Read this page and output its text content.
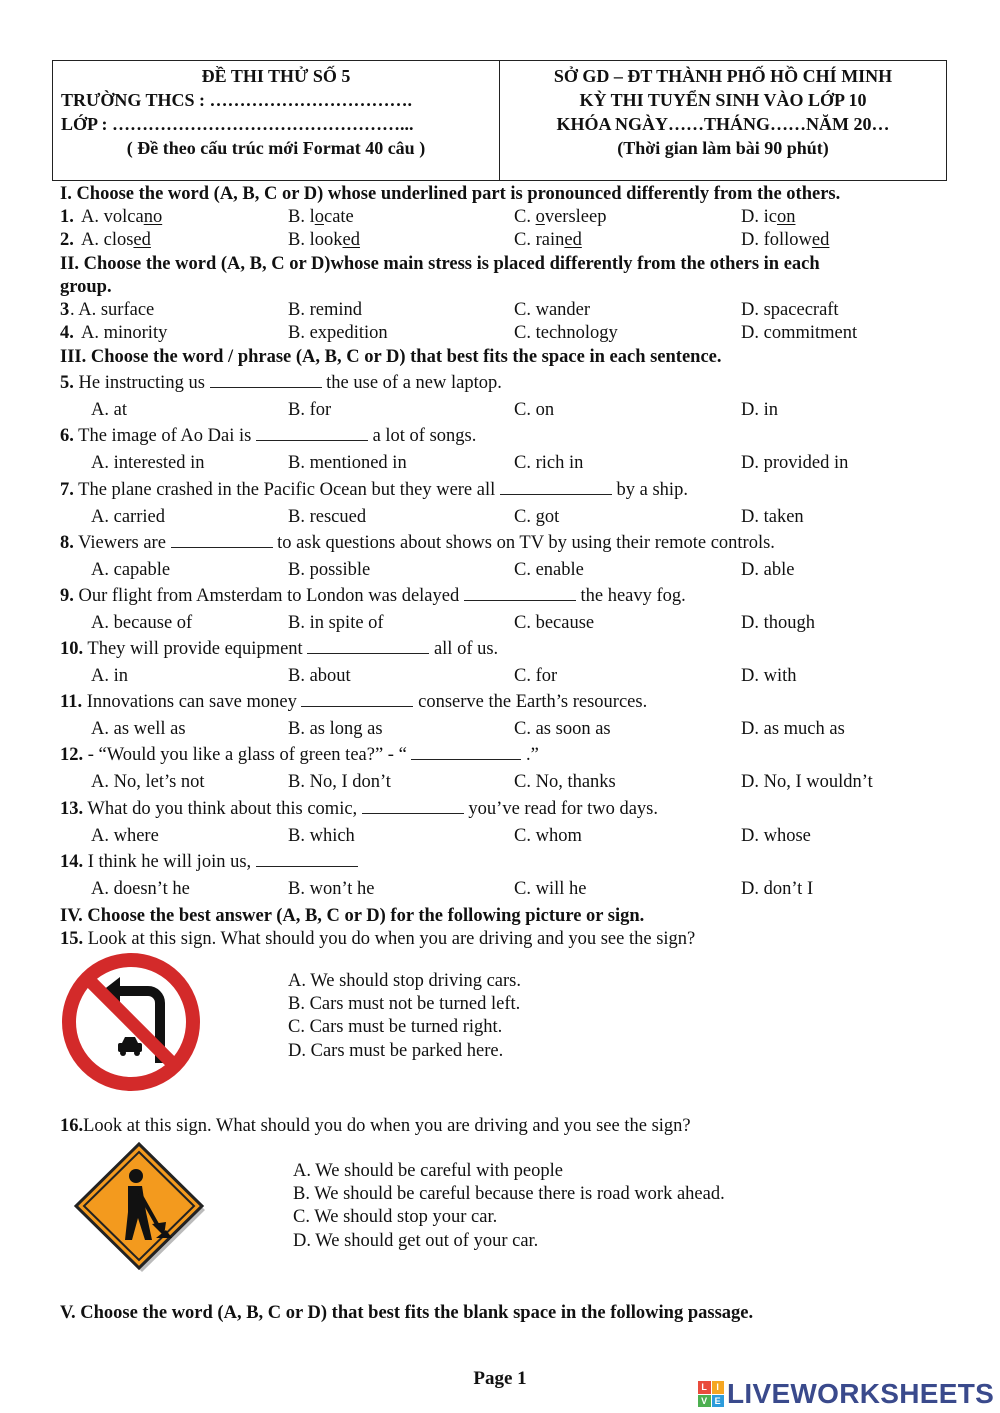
ĐỀ THI THỬ SỐ 5
TRƯỜNG THCS : …………………………….
LỚP : …………………………………………...
( Đề theo cấu trúc mới Format 40 câu )
SỞ GD – ĐT THÀNH PHỐ HỒ CHÍ MINH
KỲ THI TUYỂN SINH VÀO LỚP 10
KHÓA NGÀY……THÁNG……NĂM 20…
(Thời gian làm bài 90 phút)
I. Choose the word (A, B, C or D) whose underlined part is pronounced differently from the others.
1. A. volcano	B. locate	C. oversleep	D. icon
2. A. closed	B. looked	C. rained	D. followed
II. Choose the word (A, B, C or D)whose main stress is placed differently from the others in each
group.
3 . A. surface	B. remind	C. wander	D. spacecraft
4. A. minority	B. expedition	C. technology	D. commitment
III. Choose the word / phrase (A, B, C or D) that best fits the space in each sentence.
5. He instructing us	the use of a new laptop.
A. at	B. for	C. on	D. in
6. The image of Ao Dai is	a lot of songs.
A. interested in	B. mentioned in	C. rich in	D. provided in
7. The plane crashed in the Pacific Ocean but they were all	by a ship.
A. carried	B. rescued	C. got	D. taken
8. Viewers are	to ask questions about shows on TV by using their remote controls.
A. capable	B. possible	C. enable	D. able
9. Our flight from Amsterdam to London was delayed	the heavy fog.
A. because of	B. in spite of	C. because	D. though
10. They will provide equipment	all of us.
A. in	B. about	C. for	D. with
11. Innovations can save money	conserve the Earth’s resources.
A. as well as	B. as long as	C. as soon as	D. as much as
12. - “Would you like a glass of green tea?” - “	.”
A. No, let’s not	B. No, I don’t	C. No, thanks	D. No, I wouldn’t
13. What do you think about this comic,	you’ve read for two days.
A. where	B. which	C. whom	D. whose
14. I think he will join us,
A. doesn’t he	B. won’t he	C. will he	D. don’t I
IV. Choose the best answer (A, B, C or D) for the following picture or sign.
15. Look at this sign. What should you do when you are driving and you see the sign?
A. We should stop driving cars.
B. Cars must not be turned left.
C. Cars must be turned right.
D. Cars must be parked here.
16.Look at this sign. What should you do when you are driving and you see the sign?
A. We should be careful with people
B. We should be careful because there is road work ahead.
C. We should stop your car.
D. We should get out of your car.
V. Choose the word (A, B, C or D) that best fits the blank space in the following passage.
Page 1	L	I
V E LIVEWORKSHEETS
